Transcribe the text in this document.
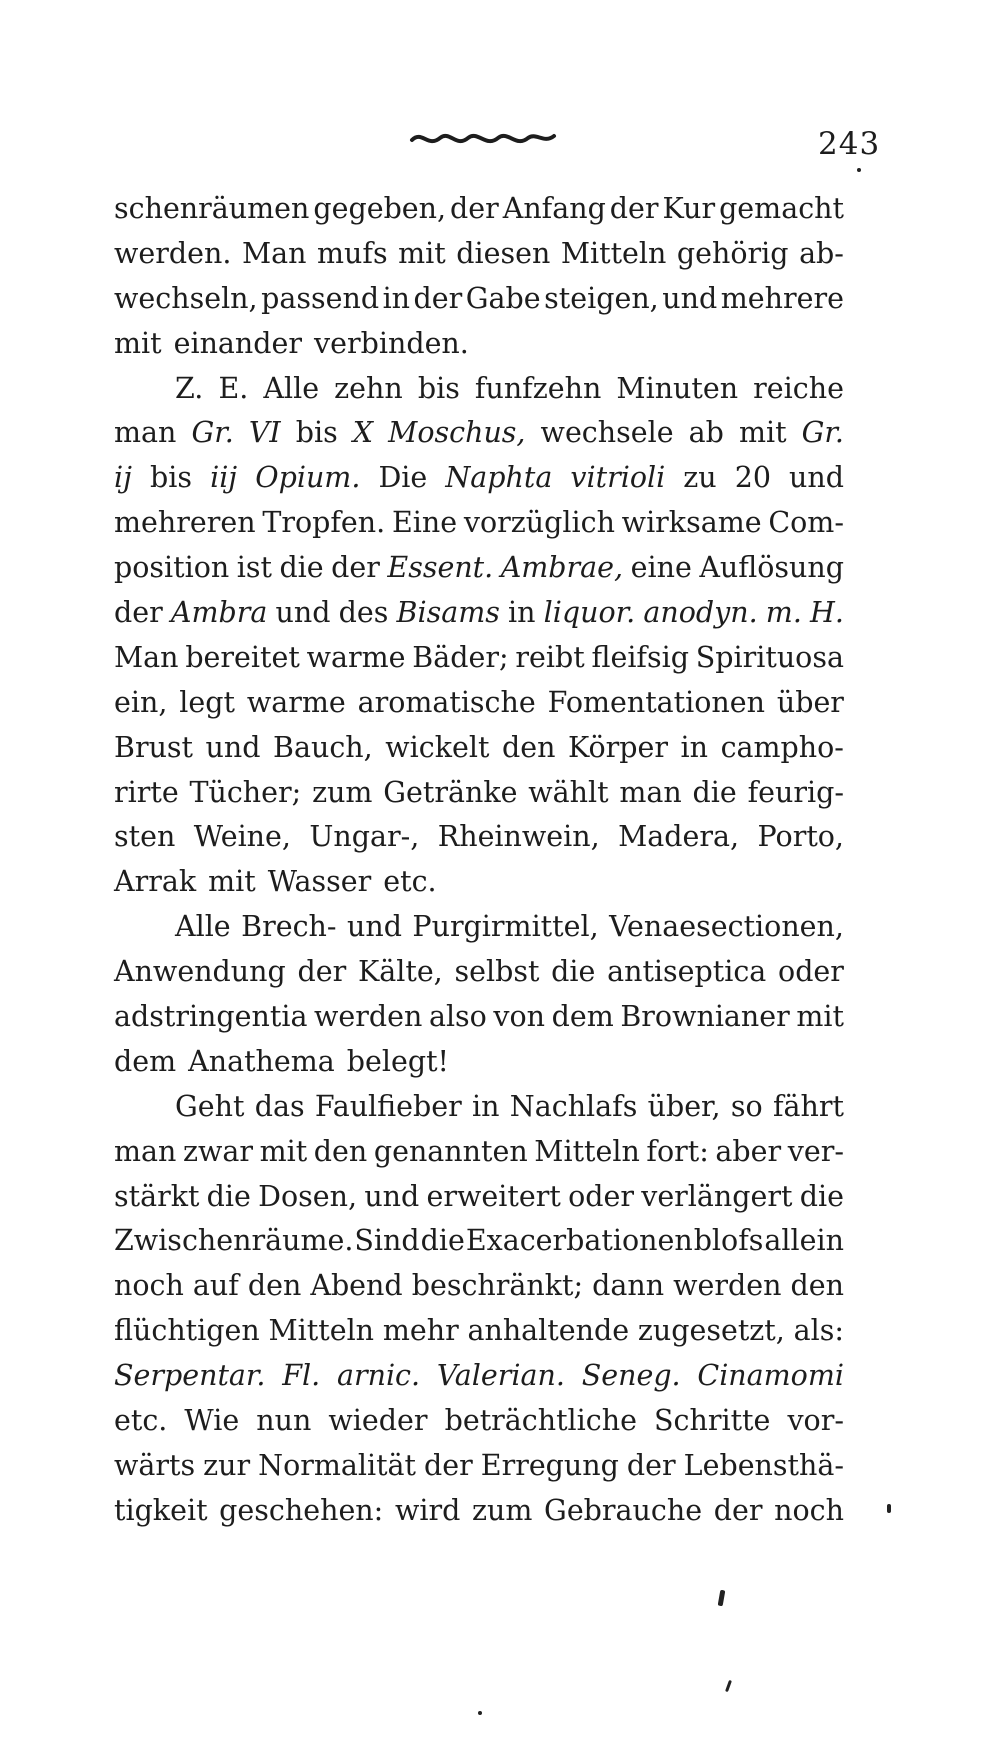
243
schenräumen gegeben, der Anfang der Kur gemacht
werden. Man mufs mit diesen Mitteln gehörig ab-
wechseln, passend in der Gabe steigen, und mehrere
mit einander verbinden.
Z. E. Alle zehn bis funfzehn Minuten reiche
man Gr. VI bis X Moschus, wechsele ab mit Gr.
ij bis iij Opium. Die Naphta vitrioli zu 20 und
mehreren Tropfen. Eine vorzüglich wirksame Com-
position ist die der Essent. Ambrae, eine Auflösung
der Ambra und des Bisams in liquor. anodyn. m. H.
Man bereitet warme Bäder; reibt fleifsig Spirituosa
ein, legt warme aromatische Fomentationen über
Brust und Bauch, wickelt den Körper in campho-
rirte Tücher; zum Getränke wählt man die feurig-
sten Weine, Ungar-, Rheinwein, Madera, Porto,
Arrak mit Wasser etc.
Alle Brech- und Purgirmittel, Venaesectionen,
Anwendung der Kälte, selbst die antiseptica oder
adstringentia werden also von dem Brownianer mit
dem Anathema belegt!
Geht das Faulfieber in Nachlafs über, so fährt
man zwar mit den genannten Mitteln fort: aber ver-
stärkt die Dosen, und erweitert oder verlängert die
Zwischenräume. Sind die Exacerbationen blofs allein
noch auf den Abend beschränkt; dann werden den
flüchtigen Mitteln mehr anhaltende zugesetzt, als:
Serpentar. Fl. arnic. Valerian. Seneg. Cinamomi
etc. Wie nun wieder beträchtliche Schritte vor-
wärts zur Normalität der Erregung der Lebensthä-
tigkeit geschehen: wird zum Gebrauche der noch
